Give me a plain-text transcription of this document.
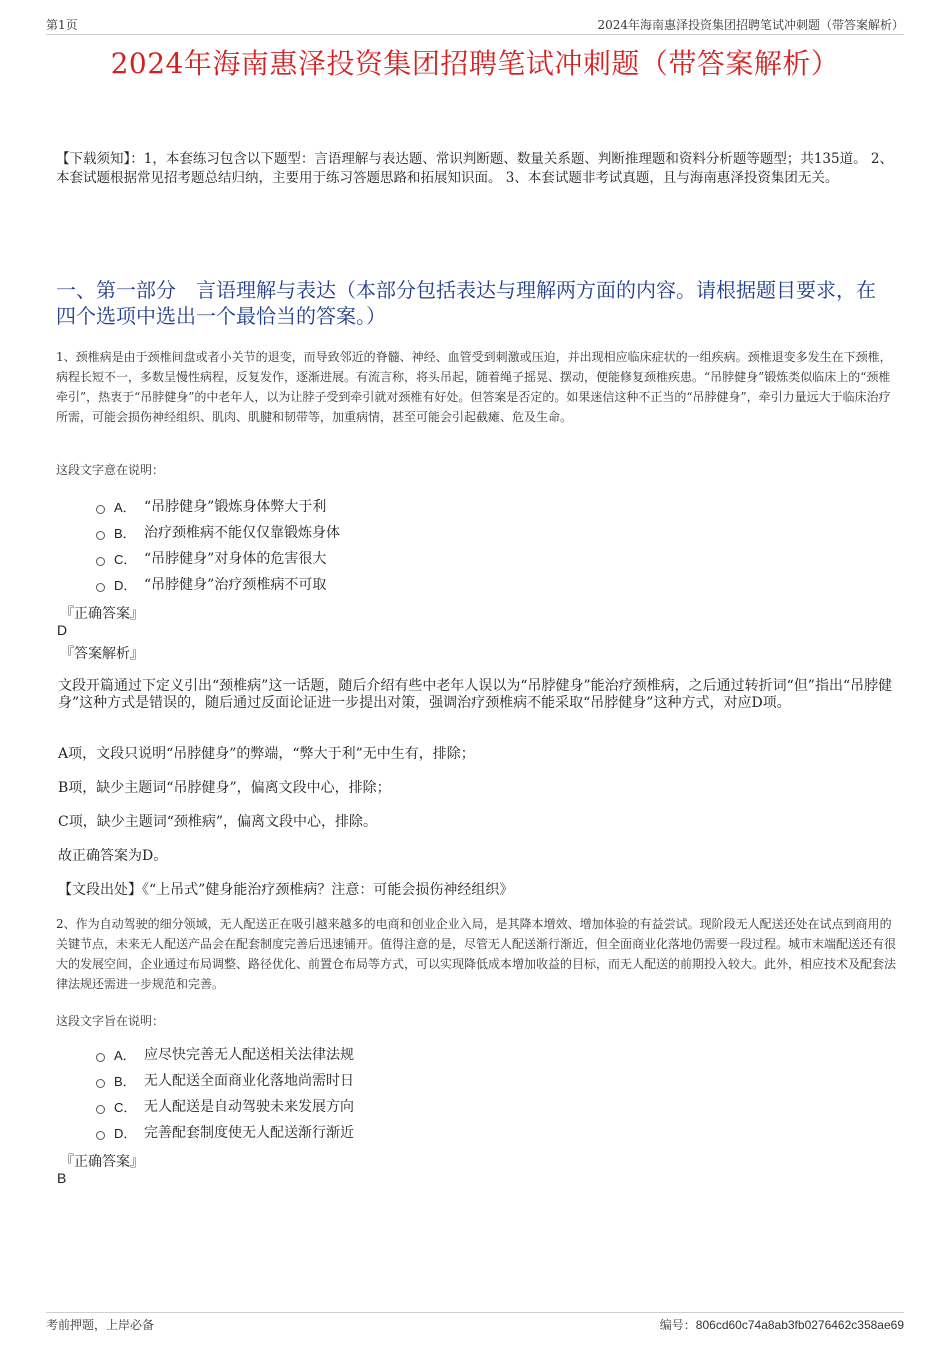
第1页	2024年海南惠泽投资集团招聘笔试冲刺题（带答案解析）
2024年海南惠泽投资集团招聘笔试冲刺题（带答案解析）
【下载须知】：1，本套练习包含以下题型：言语理解与表达题、常识判断题、数量关系题、判断推理题和资料分析题等题型；共135道。 2、本套试题根据常见招考题总结归纳，主要用于练习答题思路和拓展知识面。 3、本套试题非考试真题，且与海南惠泽投资集团无关。
一、第一部分　言语理解与表达（本部分包括表达与理解两方面的内容。请根据题目要求，在四个选项中选出一个最恰当的答案。）
1、颈椎病是由于颈椎间盘或者小关节的退变，而导致邻近的脊髓、神经、血管受到刺激或压迫，并出现相应临床症状的一组疾病。颈椎退变多发生在下颈椎，病程长短不一，多数呈慢性病程，反复发作，逐渐进展。有流言称，将头吊起，随着绳子摇晃、摆动，便能修复颈椎疾患。“吊脖健身”锻炼类似临床上的“颈椎牵引”，热衷于“吊脖健身”的中老年人，以为让脖子受到牵引就对颈椎有好处。但答案是否定的。如果迷信这种不正当的“吊脖健身”，牵引力量远大于临床治疗所需，可能会损伤神经组织、肌肉、肌腱和韧带等，加重病情，甚至可能会引起截瘫、危及生命。
这段文字意在说明：
A． “吊脖健身”锻炼身体弊大于利
B． 治疗颈椎病不能仅仅靠锻炼身体
C． “吊脖健身”对身体的危害很大
D． “吊脖健身”治疗颈椎病不可取
『正确答案』
D
『答案解析』
文段开篇通过下定义引出“颈椎病”这一话题，随后介绍有些中老年人误以为“吊脖健身”能治疗颈椎病，之后通过转折词“但”指出“吊脖健身”这种方式是错误的，随后通过反面论证进一步提出对策，强调治疗颈椎病不能采取“吊脖健身”这种方式，对应D项。
A项，文段只说明“吊脖健身”的弊端，“弊大于利”无中生有，排除；
B项，缺少主题词“吊脖健身”，偏离文段中心，排除；
C项，缺少主题词“颈椎病”，偏离文段中心，排除。
故正确答案为D。
【文段出处】《“上吊式”健身能治疗颈椎病？注意：可能会损伤神经组织》
2、作为自动驾驶的细分领域，无人配送正在吸引越来越多的电商和创业企业入局，是其降本增效、增加体验的有益尝试。现阶段无人配送还处在试点到商用的关键节点，未来无人配送产品会在配套制度完善后迅速铺开。值得注意的是，尽管无人配送渐行渐近，但全面商业化落地仍需要一段过程。城市末端配送还有很大的发展空间，企业通过布局调整、路径优化、前置仓布局等方式，可以实现降低成本增加收益的目标，而无人配送的前期投入较大。此外，相应技术及配套法律法规还需进一步规范和完善。
这段文字旨在说明：
A． 应尽快完善无人配送相关法律法规
B． 无人配送全面商业化落地尚需时日
C． 无人配送是自动驾驶未来发展方向
D． 完善配套制度使无人配送渐行渐近
『正确答案』
B
考前押题，上岸必备	编号：806cd60c74a8ab3fb0276462c358ae69
